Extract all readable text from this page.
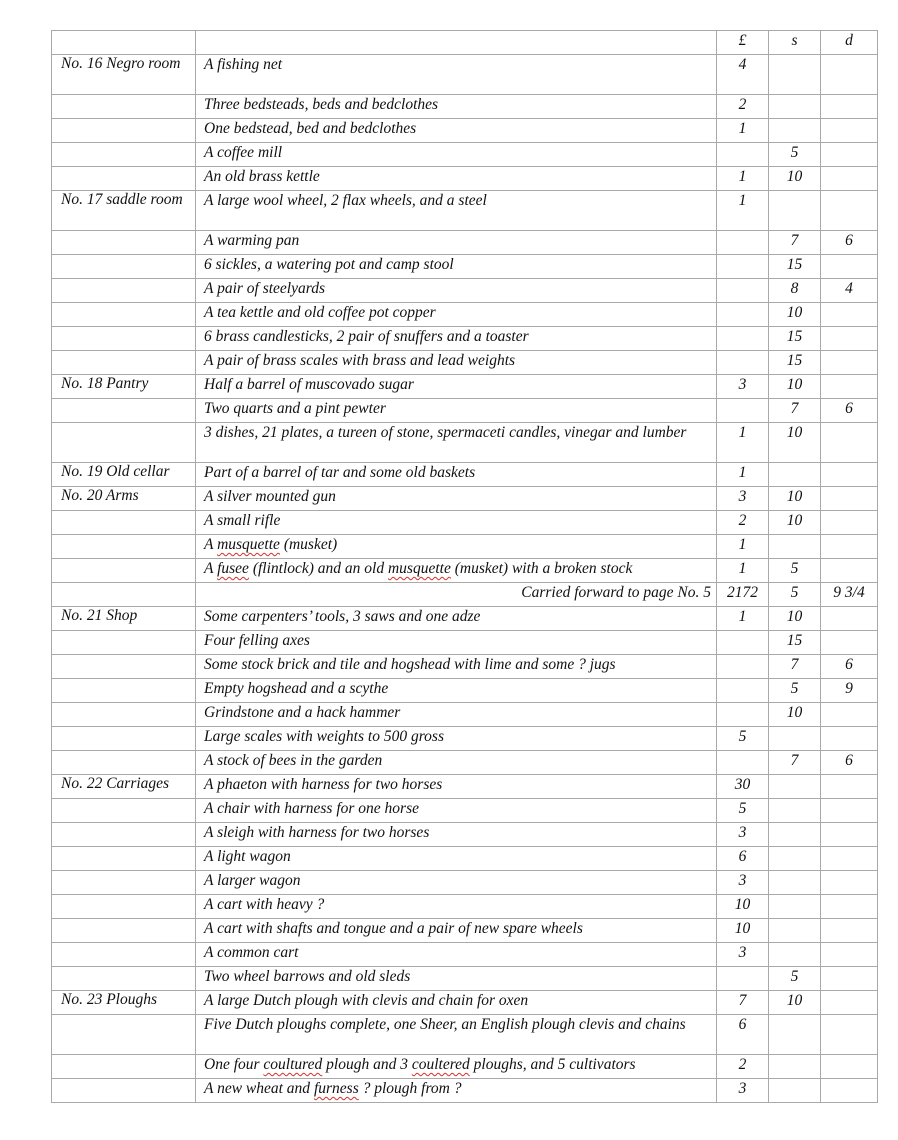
		£	s	d
No. 16 Negro room	A fishing net	4		
	Three bedsteads, beds and bedclothes	2		
	One bedstead, bed and bedclothes	1		
	A coffee mill		5	
	An old brass kettle	1	10	
No. 17 saddle room	A large wool wheel, 2 flax wheels, and a steel	1		
	A warming pan		7	6
	6 sickles, a watering pot and camp stool		15	
	A pair of steelyards		8	4
	A tea kettle and old coffee pot copper		10	
	6 brass candlesticks, 2 pair of snuffers and a toaster		15	
	A pair of brass scales with brass and lead weights		15	
No. 18 Pantry	Half a barrel of muscovado sugar	3	10	
	Two quarts and a pint pewter		7	6
	3 dishes, 21 plates, a tureen of stone, spermaceti candles, vinegar and lumber	1	10	
No. 19 Old cellar	Part of a barrel of tar and some old baskets	1		
No. 20 Arms	A silver mounted gun	3	10	
	A small rifle	2	10	
	A musquette (musket)	1		
	A fusee (flintlock) and an old musquette (musket) with a broken stock	1	5	
	Carried forward to page No. 5	2172	5	9 3/4
No. 21 Shop	Some carpenters’ tools, 3 saws and one adze	1	10	
	Four felling axes		15	
	Some stock brick and tile and hogshead with lime and some ? jugs		7	6
	Empty hogshead and a scythe		5	9
	Grindstone and a hack hammer		10	
	Large scales with weights to 500 gross	5		
	A stock of bees in the garden		7	6
No. 22 Carriages	A phaeton with harness for two horses	30		
	A chair with harness for one horse	5		
	A sleigh with harness for two horses	3		
	A light wagon	6		
	A larger wagon	3		
	A cart with heavy ?	10		
	A cart with shafts and tongue and a pair of new spare wheels	10		
	A common cart	3		
	Two wheel barrows and old sleds		5	
No. 23 Ploughs	A large Dutch plough with clevis and chain for oxen	7	10	
	Five Dutch ploughs complete, one Sheer, an English plough clevis and chains	6		
	One four coultured plough and 3 coultered ploughs, and 5 cultivators	2		
	A new wheat and furness ? plough from ?	3		
